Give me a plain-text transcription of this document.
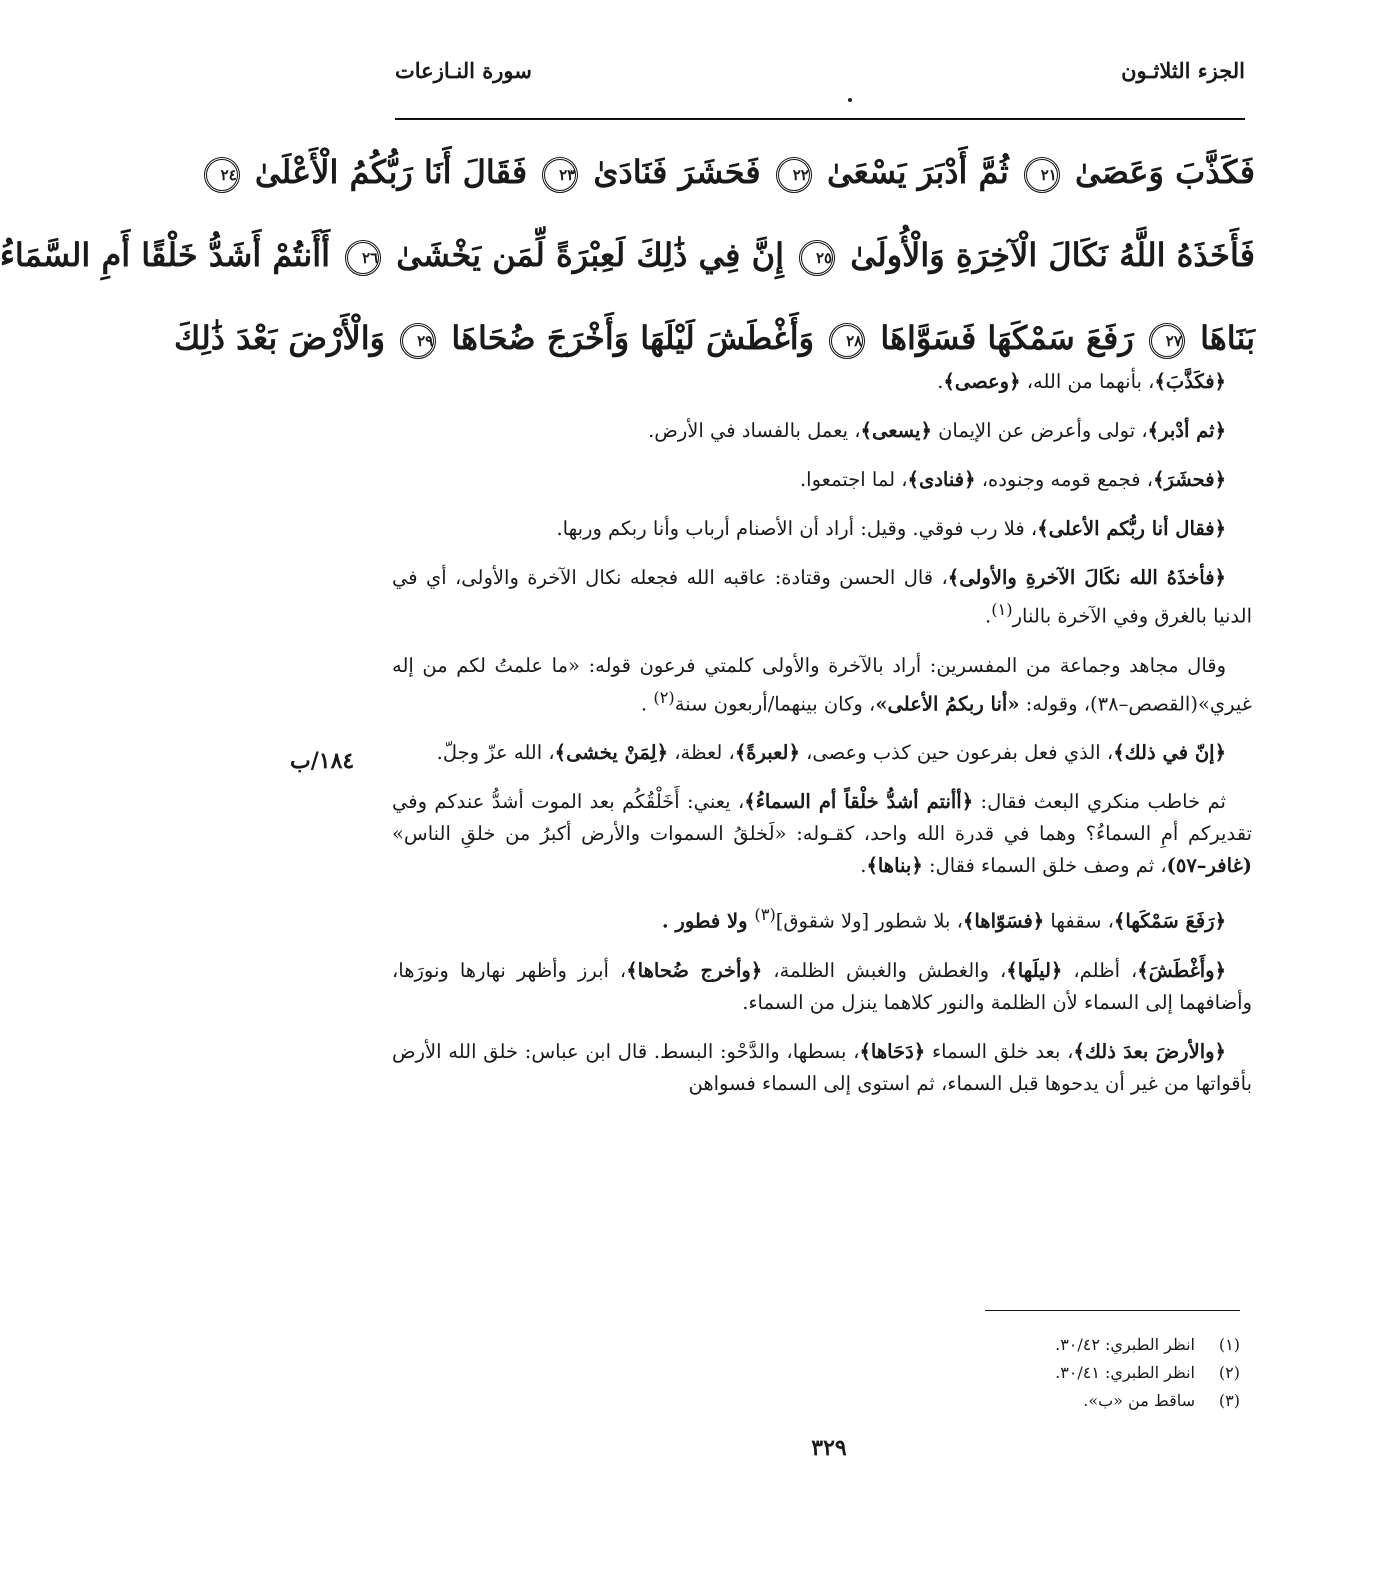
الجزء الثلاثـون
سورة النـازعات
فَكَذَّبَ وَعَصَىٰ ٢١ ثُمَّ أَدْبَرَ يَسْعَىٰ ٢٢ فَحَشَرَ فَنَادَىٰ ٢٣ فَقَالَ أَنَا رَبُّكُمُ الْأَعْلَىٰ ٢٤
فَأَخَذَهُ اللَّهُ نَكَالَ الْآخِرَةِ وَالْأُولَىٰ ٢٥ إِنَّ فِي ذَٰلِكَ لَعِبْرَةً لِّمَن يَخْشَىٰ ٢٦ أَأَنتُمْ أَشَدُّ خَلْقًا أَمِ السَّمَاءُ
بَنَاهَا ٢٧ رَفَعَ سَمْكَهَا فَسَوَّاهَا ٢٨ وَأَغْطَشَ لَيْلَهَا وَأَخْرَجَ ضُحَاهَا ٢٩ وَالْأَرْضَ بَعْدَ ذَٰلِكَ

﴿فكَذَّبَ﴾، بأنهما من الله، ﴿وعصى﴾.

﴿ثم أدْبر﴾، تولى وأعرض عن الإيمان ﴿يسعى﴾، يعمل بالفساد في الأرض.

﴿فحشَرَ﴾، فجمع قومه وجنوده، ﴿فنادى﴾، لما اجتمعوا.

﴿فقال أنا ربُّكم الأعلى﴾، فلا رب فوقي. وقيل: أراد أن الأصنام أرباب وأنا ربكم وربها.

﴿فأخذَهُ الله نكَالَ الآخرةِ والأولى﴾، قال الحسن وقتادة: عاقبه الله فجعله نكال الآخرة والأولى، أي في الدنيا بالغرق وفي الآخرة بالنار$^{(١)}$.

وقال مجاهد وجماعة من المفسرين: أراد بالآخرة والأولى كلمتي فرعون قوله: «ما علمتُ لكم من إله غيري»(القصص–٣٨)، وقوله: «أنا ربكمُ الأعلى»، وكان بينهما/أربعون سنة$^{(٢)}$ .

﴿إنّ في ذلك﴾، الذي فعل بفرعون حين كذب وعصى، ﴿لعبرةً﴾، لعظة، ﴿لِمَنْ يخشى﴾، الله عزّ وجلّ.

ثم خاطب منكري البعث فقال: ﴿أأنتم أشدُّ خلْقاً أم السماءُ﴾، يعني: أَخَلْقُكُم بعد الموت أشدُّ عندكم وفي تقديركم أمِ السماءُ؟ وهما في قدرة الله واحد، كقـوله: «لَخلقُ السموات والأرض أكبرُ من خلقِ الناس» (غافر–٥٧)، ثم وصف خلق السماء فقال: ﴿بناها﴾.

﴿رَفَعَ سَمْكَها﴾، سقفها ﴿فسَوّاها﴾، بلا شطور [ولا شقوق]$^{(٣)}$ ولا فطور .

﴿وأَغْطَشَ﴾، أظلم، ﴿ليلَها﴾، والغطش والغبش الظلمة، ﴿وأخرج ضُحاها﴾، أبرز وأظهر نهارها ونورَها، وأضافهما إلى السماء لأن الظلمة والنور كلاهما ينزل من السماء.

﴿والأرضَ بعدَ ذلك﴾، بعد خلق السماء ﴿دَحَاها﴾، بسطها، والدَّحْو: البسط. قال ابن عباس: خلق الله الأرض بأقواتها من غير أن يدحوها قبل السماء، ثم استوى إلى السماء فسواهن

١٨٤/ب
(١)انظر الطبري: ٣٠/٤٢.
(٢)انظر الطبري: ٣٠/٤١.
(٣)ساقط من «ب».
٣٢٩
